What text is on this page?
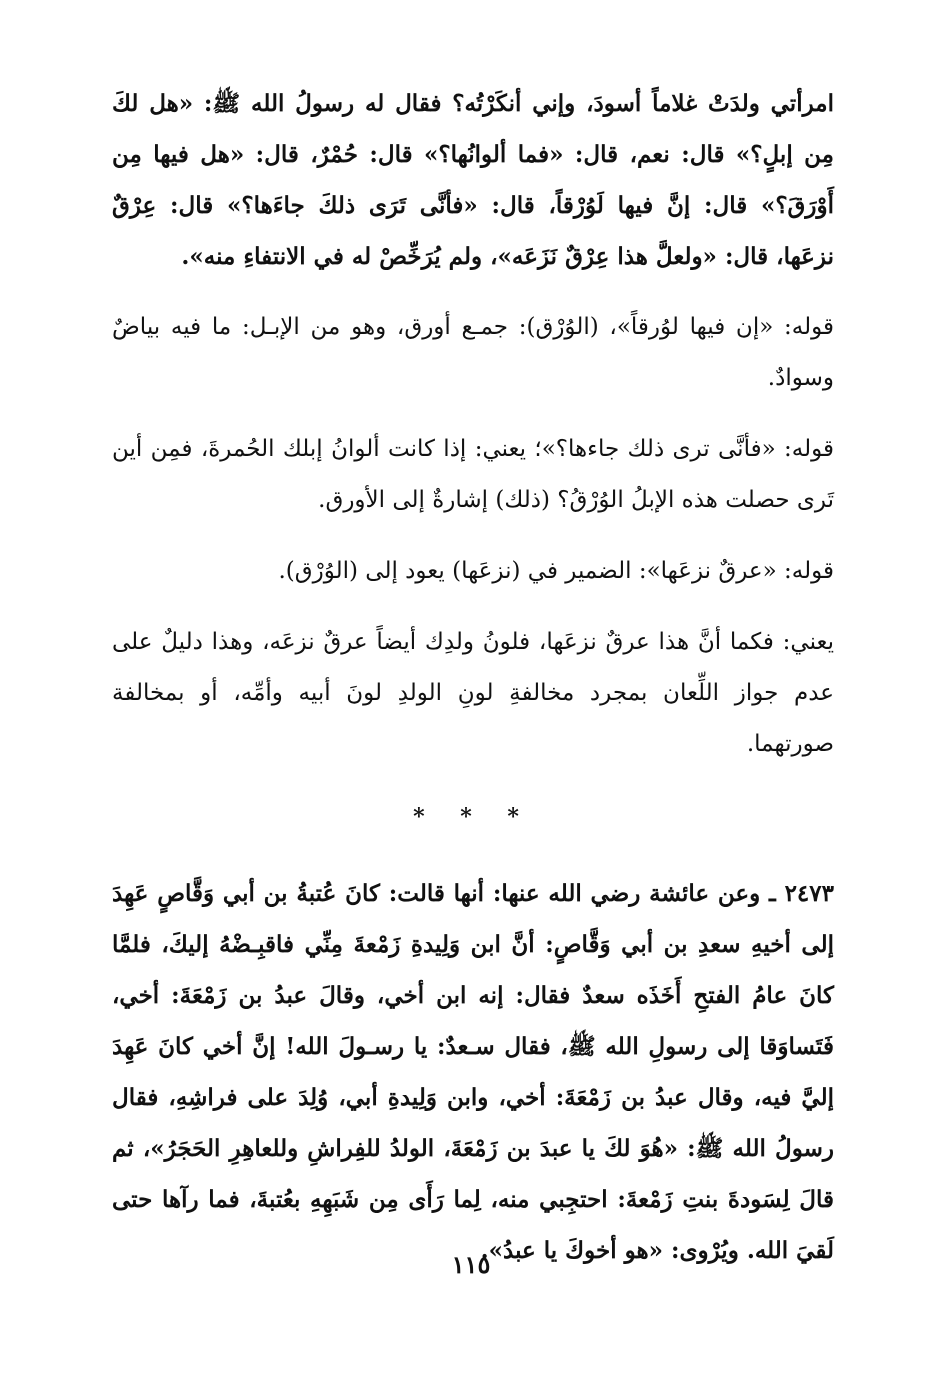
امرأتي ولدَتْ غلاماً أسودَ، وإني أنكَرْتُه؟ فقال له رسولُ الله ﷺ: «هل لكَ مِن إبلٍ؟» قال: نعم، قال: «فما ألوانُها؟» قال: حُمْرٌ، قال: «هل فيها مِن أَوْرَقَ؟» قال: إنَّ فيها لَوُرْقاً، قال: «فأنَّى تَرَى ذلكَ جاءَها؟» قال: عِرْقٌ نزعَها، قال: «ولعلَّ هذا عِرْقٌ نَزَعَه»، ولم يُرَخِّصْ له في الانتفاءِ منه».

قوله: «إن فيها لوُرقاً»، (الوُرْق): جمـع أورق، وهو من الإبـل: ما فيه بياضٌ وسوادٌ.

قوله: «فأنَّى ترى ذلك جاءها؟»؛ يعني: إذا كانت ألوانُ إبلك الحُمرةَ، فمِن أين تَرى حصلت هذه الإبلُ الوُرْقُ؟ (ذلك) إشارةٌ إلى الأورق.

قوله: «عرقٌ نزعَها»: الضمير في (نزعَها) يعود إلى (الوُرْق).

يعني: فكما أنَّ هذا عرقٌ نزعَها، فلونُ ولدِك أيضاً عرقٌ نزعَه، وهذا دليلٌ على عدم جواز اللِّعان بمجرد مخالفةِ لونِ الولدِ لونَ أبيه وأمِّه، أو بمخالفة صورتهما.

* * *

٢٤٧٣ ـ وعن عائشة رضي الله عنها: أنها قالت: كانَ عُتبةُ بن أبي وَقَّاصٍ عَهِدَ إلى أخيهِ سعدِ بن أبي وَقَّاصٍ: أنَّ ابن وَلِيدةِ زَمْعةَ مِنِّي فاقبِـضْهُ إليكَ، فلمَّا كانَ عامُ الفتحِ أَخَذَه سعدٌ فقال: إنه ابن أخي، وقالَ عبدُ بن زَمْعَةَ: أخي، فَتَساوَقا إلى رسولِ الله ﷺ، فقال سـعدٌ: يا رسـولَ الله! إنَّ أخي كانَ عَهِدَ إليَّ فيه، وقال عبدُ بن زَمْعَةَ: أخي، وابن وَلِيدةِ أبي، وُلِدَ على فراشِهِ، فقال رسولُ الله ﷺ: «هُوَ لكَ يا عبدَ بن زَمْعَةَ، الولدُ للفِراشِ وللعاهِرِ الحَجَرُ»، ثم قالَ لِسَودةَ بنتِ زَمْعةَ: احتجِبي منه، لِما رَأَى مِن شَبَهِهِ بعُتبةَ، فما رآها حتى لَقيَ الله. ويُرْوى: «هو أخوكَ يا عبدُ».

١١٥
